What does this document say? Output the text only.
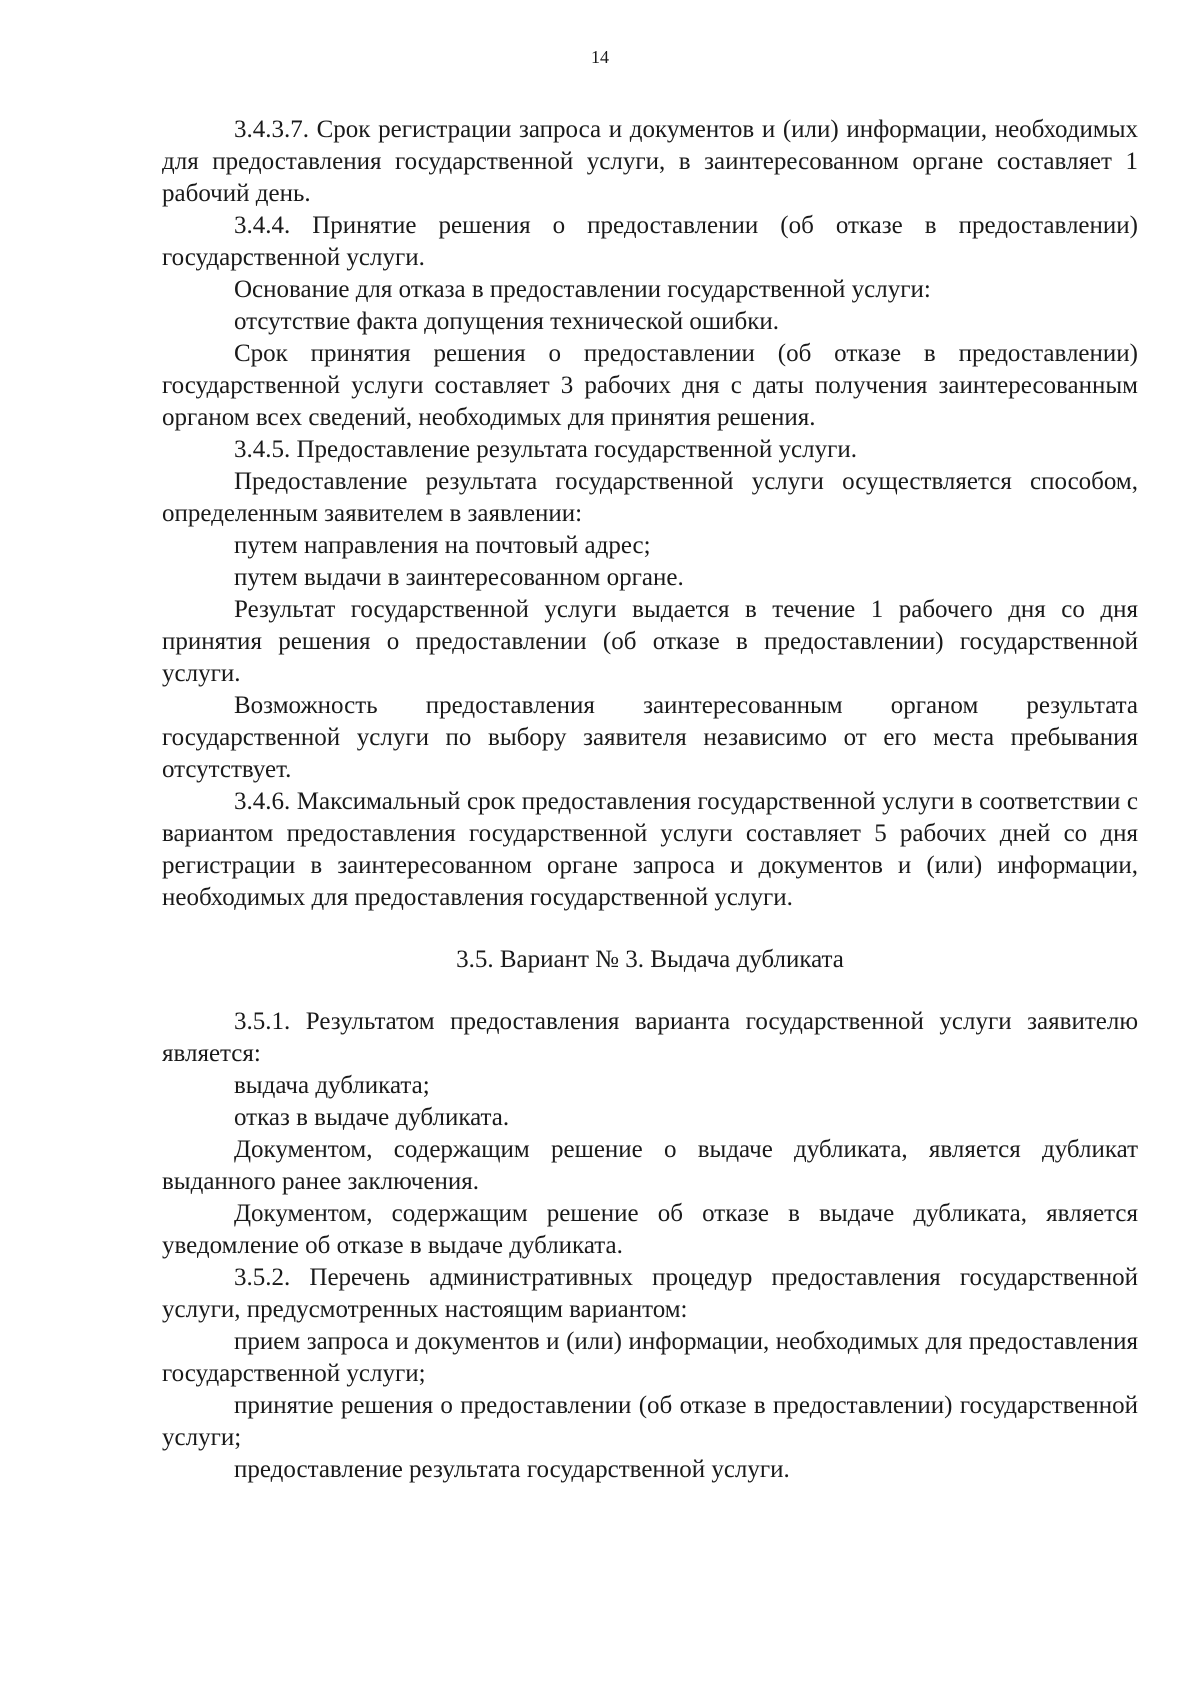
14

3.4.3.7. Срок регистрации запроса и документов и (или) информации, необходимых для предоставления государственной услуги, в заинтересованном органе составляет 1 рабочий день.

3.4.4. Принятие решения о предоставлении (об отказе в предоставлении) государственной услуги.

Основание для отказа в предоставлении государственной услуги:

отсутствие факта допущения технической ошибки.

Срок принятия решения о предоставлении (об отказе в предоставлении) государственной услуги составляет 3 рабочих дня с даты получения заинтересованным органом всех сведений, необходимых для принятия решения.

3.4.5. Предоставление результата государственной услуги.

Предоставление результата государственной услуги осуществляется способом, определенным заявителем в заявлении:

путем направления на почтовый адрес;

путем выдачи в заинтересованном органе.

Результат государственной услуги выдается в течение 1 рабочего дня со дня принятия решения о предоставлении (об отказе в предоставлении) государственной услуги.

Возможность предоставления заинтересованным органом результата государственной услуги по выбору заявителя независимо от его места пребывания отсутствует.

3.4.6. Максимальный срок предоставления государственной услуги в соответствии с вариантом предоставления государственной услуги составляет 5 рабочих дней со дня регистрации в заинтересованном органе запроса и документов и (или) информации, необходимых для предоставления государственной услуги.

3.5. Вариант № 3. Выдача дубликата

3.5.1. Результатом предоставления варианта государственной услуги заявителю является:

выдача дубликата;

отказ в выдаче дубликата.

Документом, содержащим решение о выдаче дубликата, является дубликат выданного ранее заключения.

Документом, содержащим решение об отказе в выдаче дубликата, является уведомление об отказе в выдаче дубликата.

3.5.2. Перечень административных процедур предоставления государственной услуги, предусмотренных настоящим вариантом:

прием запроса и документов и (или) информации, необходимых для предоставления государственной услуги;

принятие решения о предоставлении (об отказе в предоставлении) государственной услуги;

предоставление результата государственной услуги.
